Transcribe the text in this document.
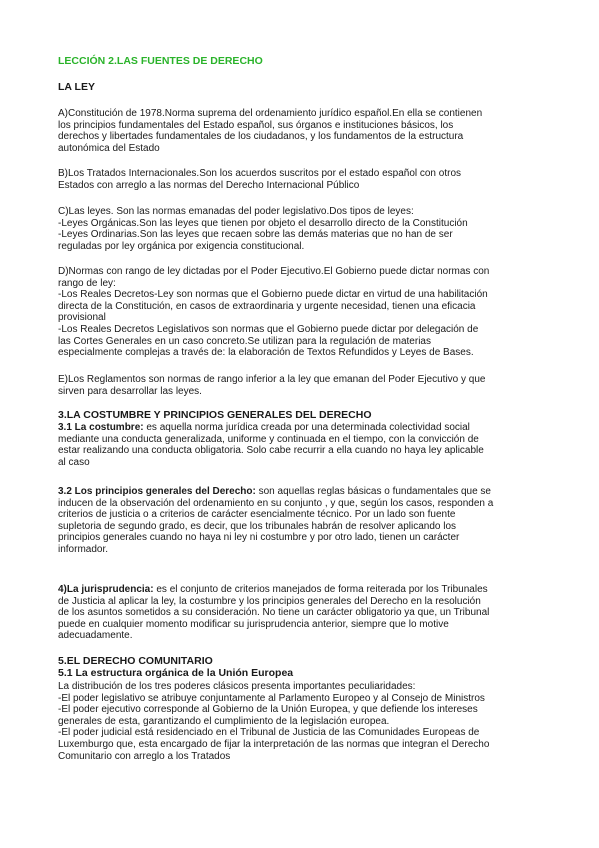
LECCIÓN 2.LAS FUENTES DE DERECHO
LA LEY
A)Constitución de 1978.Norma suprema del ordenamiento jurídico español.En ella se contienen
los principios fundamentales del Estado español, sus órganos e instituciones básicos, los
derechos y libertades fundamentales de los ciudadanos, y los fundamentos de la estructura
autonómica del Estado
B)Los Tratados Internacionales.Son los acuerdos suscritos por el estado español con otros
Estados con arreglo a las normas del Derecho Internacional Público
C)Las leyes. Son las normas emanadas del poder legislativo.Dos tipos de leyes:
-Leyes Orgánicas.Son las leyes que tienen por objeto el desarrollo directo de la Constitución
-Leyes Ordinarias.Son las leyes que recaen sobre las demás materias que no han de ser
reguladas por ley orgánica por exigencia constitucional.
D)Normas con rango de ley dictadas por el Poder Ejecutivo.El Gobierno puede dictar normas con
rango de ley:
-Los Reales Decretos-Ley son normas que el Gobierno puede dictar en virtud de una habilitación
directa de la Constitución, en casos de extraordinaria y urgente necesidad, tienen una eficacia
provisional
-Los Reales Decretos Legislativos son normas que el Gobierno puede dictar por delegación de
las Cortes Generales en un caso concreto.Se utilizan para la regulación de materias
especialmente complejas a través de: la elaboración de Textos Refundidos y Leyes de Bases.
E)Los Reglamentos son normas de rango inferior a la ley que emanan del Poder Ejecutivo y que
sirven para desarrollar las leyes.
3.LA COSTUMBRE Y PRINCIPIOS GENERALES DEL DERECHO
3.1 La costumbre: es aquella norma jurídica creada por una determinada colectividad social
mediante una conducta generalizada, uniforme y continuada en el tiempo, con la convicción de
estar realizando una conducta obligatoria. Solo cabe recurrir a ella cuando no haya ley aplicable
al caso
3.2 Los principios generales del Derecho: son aquellas reglas básicas o fundamentales que se
inducen de la observación del ordenamiento en su conjunto , y que, según los casos, responden a
criterios de justicia o a criterios de carácter esencialmente técnico. Por un lado son fuente
supletoria de segundo grado, es decir, que los tribunales habrán de resolver aplicando los
principios generales cuando no haya ni ley ni costumbre y por otro lado, tienen un carácter
informador.
4)La jurisprudencia: es el conjunto de criterios manejados de forma reiterada por los Tribunales
de Justicia al aplicar la ley, la costumbre y los principios generales del Derecho en la resolución
de los asuntos sometidos a su consideración. No tiene un carácter obligatorio ya que, un Tribunal
puede en cualquier momento modificar su jurisprudencia anterior, siempre que lo motive
adecuadamente.
5.EL DERECHO COMUNITARIO
5.1 La estructura orgánica de la Unión Europea
La distribución de los tres poderes clásicos presenta importantes peculiaridades:
-El poder legislativo se atribuye conjuntamente al Parlamento Europeo y al Consejo de Ministros
-El poder ejecutivo corresponde al Gobierno de la Unión Europea, y que defiende los intereses
generales de esta, garantizando el cumplimiento de la legislación europea.
-El poder judicial está residenciado en el Tribunal de Justicia de las Comunidades Europeas de
Luxemburgo que, esta encargado de fijar la interpretación de las normas que integran el Derecho
Comunitario con arreglo a los Tratados
